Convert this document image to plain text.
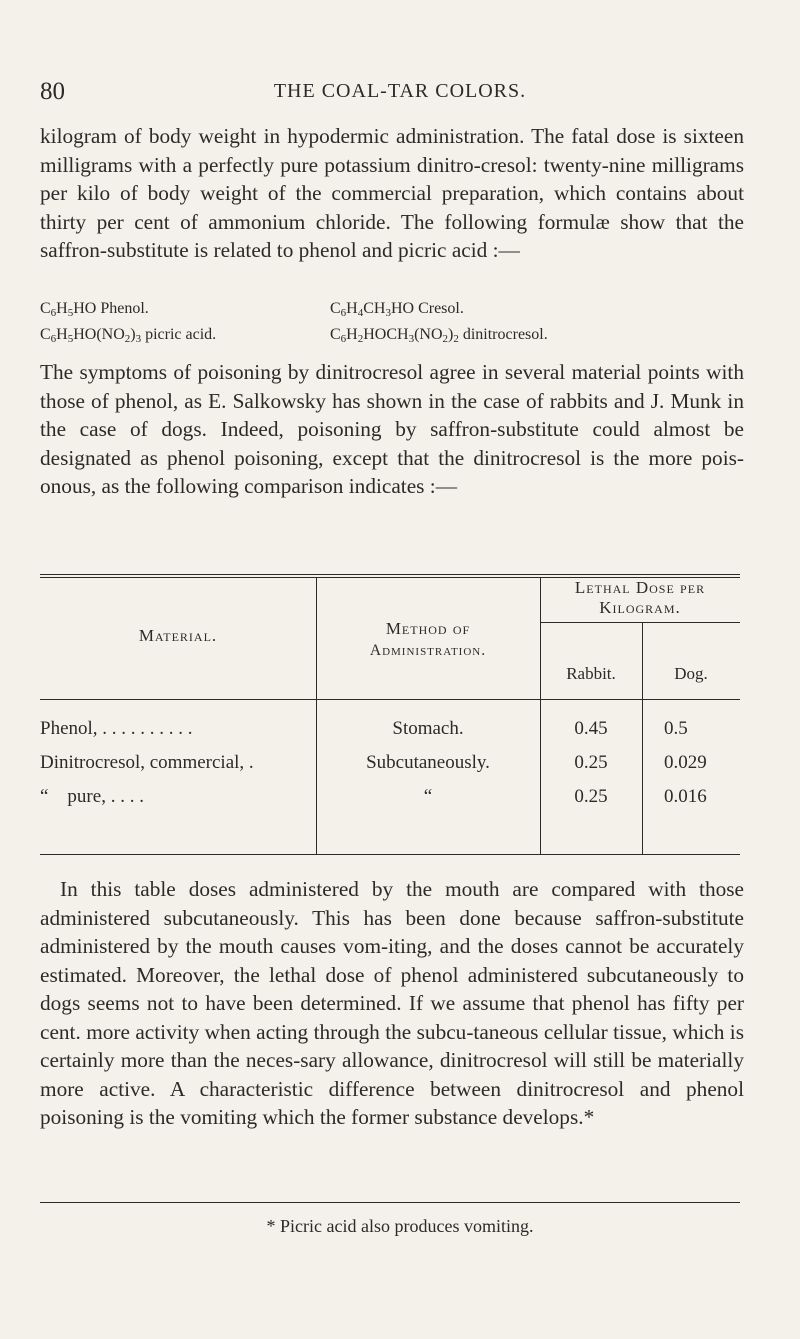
80	THE COAL-TAR COLORS.

kilogram of body weight in hypodermic administration. The fatal dose is sixteen milligrams with a perfectly pure potassium dinitro-cresol: twenty-nine milligrams per kilo of body weight of the commercial preparation, which contains about thirty per cent of ammonium chloride. The following formulæ show that the saffron-substitute is related to phenol and picric acid :—

$C_6H_5HO$ Phenol.	$C_6H_4CH_3HO$ Cresol.
$C_6H_5HO(NO_2)_3$ picric acid.	$C_6H_2HOCH_3(NO_2)_2$ dinitrocresol.

The symptoms of poisoning by dinitrocresol agree in several material points with those of phenol, as E. Salkowsky has shown in the case of rabbits and J. Munk in the case of dogs. Indeed, poisoning by saffron-substitute could almost be designated as phenol poisoning, except that the dinitrocresol is the more pois-onous, as the following comparison indicates :—

Material.	Method of
Administration.
Lethal Dose per
Kilogram.
Rabbit.	Dog.
Phenol, . . . . . . . . . .	Stomach.	0.45	0.5
Dinitrocresol, commercial, .	Subcutaneously.	0.25	0.029
“    pure, . . . .	“	0.25	0.016

In this table doses administered by the mouth are compared with those administered subcutaneously. This has been done because saffron-substitute administered by the mouth causes vom-iting, and the doses cannot be accurately estimated. Moreover, the lethal dose of phenol administered subcutaneously to dogs seems not to have been determined. If we assume that phenol has fifty per cent. more activity when acting through the subcu-taneous cellular tissue, which is certainly more than the neces-sary allowance, dinitrocresol will still be materially more active. A characteristic difference between dinitrocresol and phenol poisoning is the vomiting which the former substance develops.*

* Picric acid also produces vomiting.
